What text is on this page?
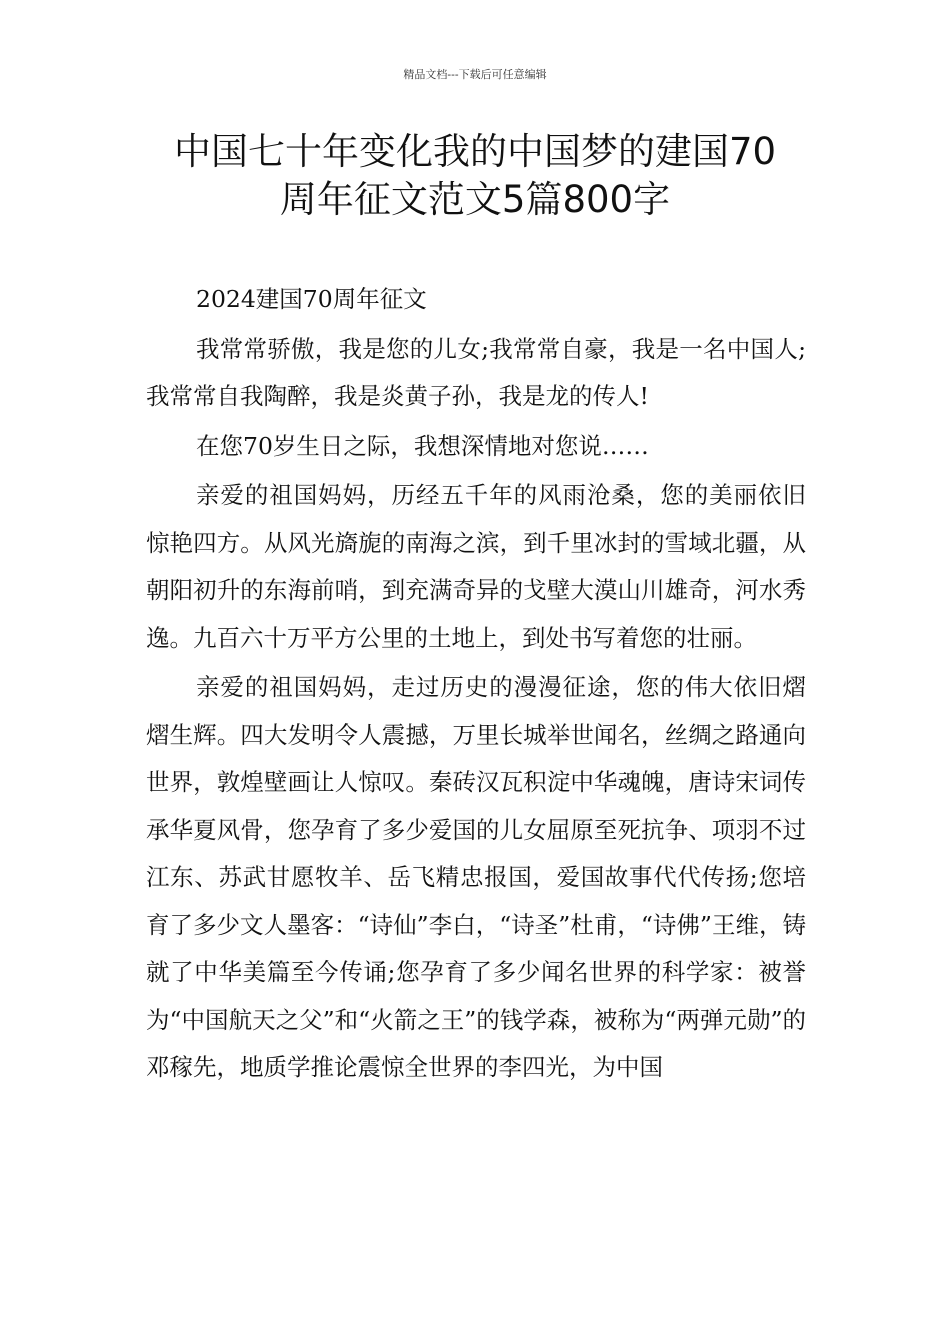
精品文档---下载后可任意编辑
中国七十年变化我的中国梦的建国70
周年征文范文5篇800字

2024建国70周年征文

我常常骄傲，我是您的儿女;我常常自豪，我是一名中国人;我常常自我陶醉，我是炎黄子孙，我是龙的传人!

在您70岁生日之际，我想深情地对您说……

亲爱的祖国妈妈，历经五千年的风雨沧桑，您的美丽依旧惊艳四方。从风光旖旎的南海之滨，到千里冰封的雪域北疆，从朝阳初升的东海前哨，到充满奇异的戈壁大漠山川雄奇，河水秀逸。九百六十万平方公里的土地上，到处书写着您的壮丽。

亲爱的祖国妈妈，走过历史的漫漫征途，您的伟大依旧熠熠生辉。四大发明令人震撼，万里长城举世闻名，丝绸之路通向世界，敦煌壁画让人惊叹。秦砖汉瓦积淀中华魂魄，唐诗宋词传承华夏风骨，您孕育了多少爱国的儿女屈原至死抗争、项羽不过江东、苏武甘愿牧羊、岳飞精忠报国，爱国故事代代传扬;您培育了多少文人墨客：“诗仙”李白，“诗圣”杜甫，“诗佛”王维，铸就了中华美篇至今传诵;您孕育了多少闻名世界的科学家：被誉为“中国航天之父”和“火箭之王”的钱学森，被称为“两弹元勋”的邓稼先，地质学推论震惊全世界的李四光，为中国
